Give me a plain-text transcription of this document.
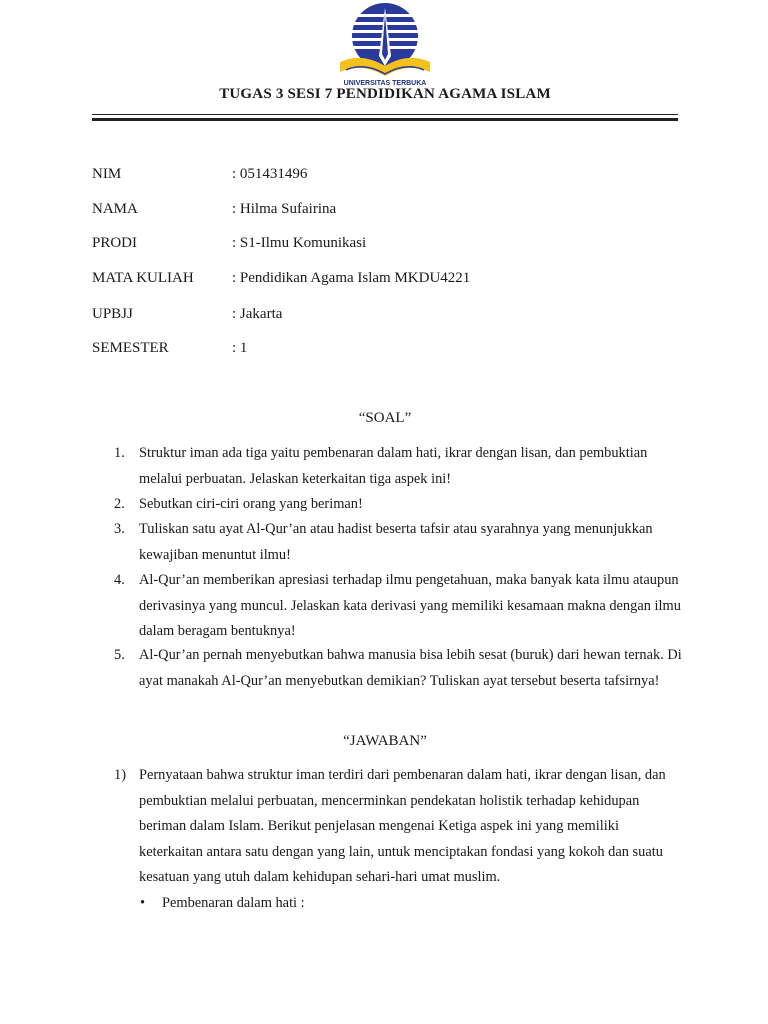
UNIVERSITAS TERBUKA
TUGAS 3 SESI 7 PENDIDIKAN AGAMA ISLAM
NIM	: 051431496
NAMA	: Hilma Sufairina
PRODI	: S1-Ilmu Komunikasi
MATA KULIAH	: Pendidikan Agama Islam MKDU4221
UPBJJ	: Jakarta
SEMESTER	: 1
“SOAL”
1. Struktur iman ada tiga yaitu pembenaran dalam hati, ikrar dengan lisan, dan pembuktian melalui perbuatan. Jelaskan keterkaitan tiga aspek ini!
2. Sebutkan ciri-ciri orang yang beriman!
3. Tuliskan satu ayat Al-Qur’an atau hadist beserta tafsir atau syarahnya yang menunjukkan kewajiban menuntut ilmu!
4. Al-Qur’an memberikan apresiasi terhadap ilmu pengetahuan, maka banyak kata ilmu ataupun derivasinya yang muncul. Jelaskan kata derivasi yang memiliki kesamaan makna dengan ilmu dalam beragam bentuknya!
5. Al-Qur’an pernah menyebutkan bahwa manusia bisa lebih sesat (buruk) dari hewan ternak. Di ayat manakah Al-Qur’an menyebutkan demikian? Tuliskan ayat tersebut beserta tafsirnya!
“JAWABAN”
1) Pernyataan bahwa struktur iman terdiri dari pembenaran dalam hati, ikrar dengan lisan, dan pembuktian melalui perbuatan, mencerminkan pendekatan holistik terhadap kehidupan beriman dalam Islam. Berikut penjelasan mengenai Ketiga aspek ini yang memiliki keterkaitan antara satu dengan yang lain, untuk menciptakan fondasi yang kokoh dan suatu kesatuan yang utuh dalam kehidupan sehari-hari umat muslim.
• Pembenaran dalam hati :
